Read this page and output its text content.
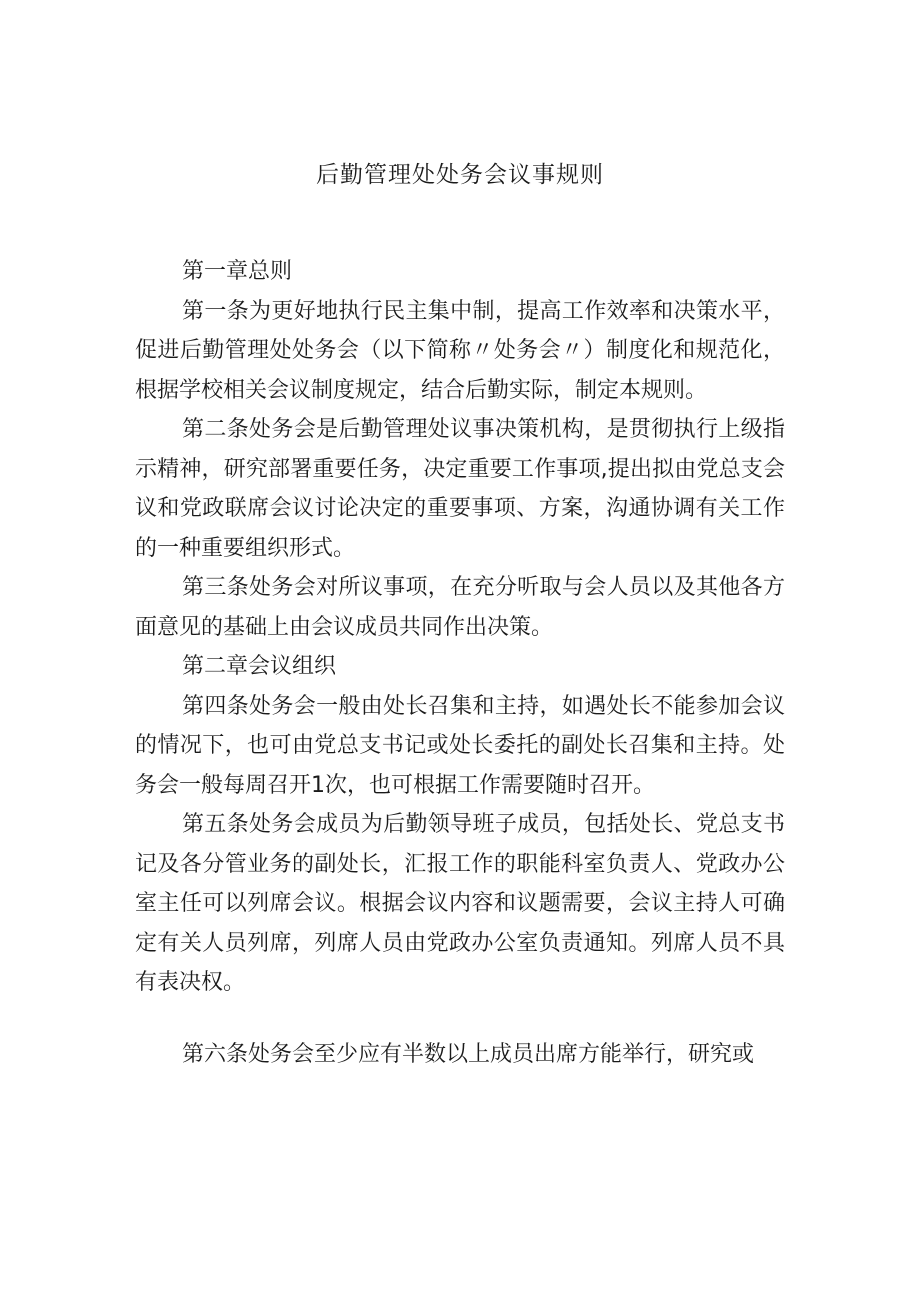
后勤管理处处务会议事规则

第一章总则

第一条为更好地执行民主集中制，提高工作效率和决策水平，促进后勤管理处处务会（以下简称〃处务会〃）制度化和规范化，根据学校相关会议制度规定，结合后勤实际，制定本规则。

第二条处务会是后勤管理处议事决策机构，是贯彻执行上级指示精神，研究部署重要任务，决定重要工作事项,提出拟由党总支会议和党政联席会议讨论决定的重要事项、方案，沟通协调有关工作的一种重要组织形式。

第三条处务会对所议事项，在充分听取与会人员以及其他各方面意见的基础上由会议成员共同作出决策。

第二章会议组织

第四条处务会一般由处长召集和主持，如遇处长不能参加会议的情况下，也可由党总支书记或处长委托的副处长召集和主持。处务会一般每周召开1次，也可根据工作需要随时召开。

第五条处务会成员为后勤领导班子成员，包括处长、党总支书记及各分管业务的副处长，汇报工作的职能科室负责人、党政办公室主任可以列席会议。根据会议内容和议题需要，会议主持人可确定有关人员列席，列席人员由党政办公室负责通知。列席人员不具有表决权。

第六条处务会至少应有半数以上成员出席方能举行，研究或
